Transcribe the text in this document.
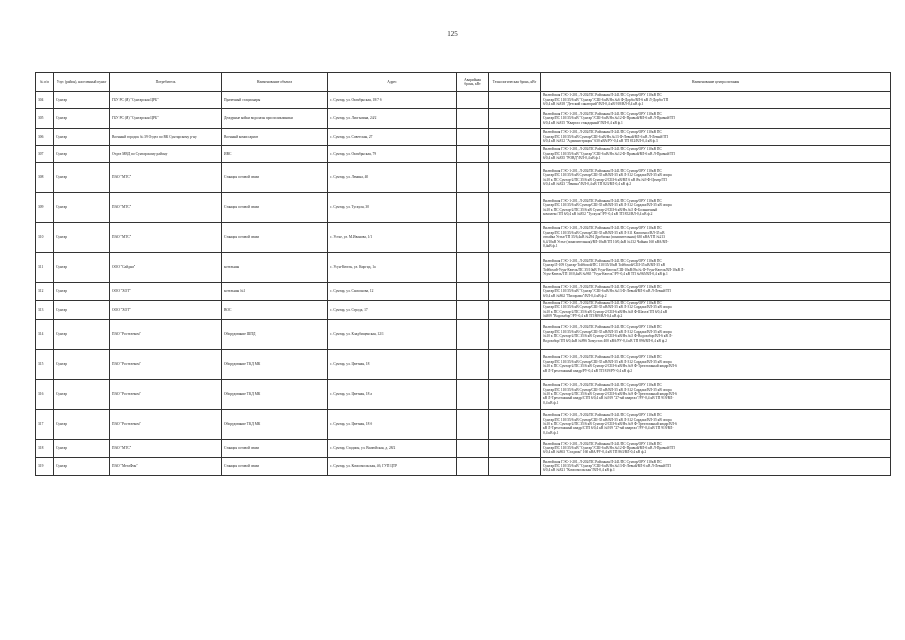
125
№ п/п	Улус (район), населенный пункт	Потребитель	Наименование объекта	Адрес	Аварийная бронь, кВт	Технологическая бронь, кВт	Наименование центра питания
304	Сунтар	ГБУ РС (Я) "Сунтарская ЦРБ"	Прачечный стационары	с. Сунтар, ул. Октябрьская, 18/7 б			Вилюйская ГЭС-1-201, Л-202/ПС Районная/Л-241/ПС Сунтар/ОРУ 110кВ ПС
Сунтар/ПС 110/35/6 кВ "Сунтар"/СШ-6 кВ/Яч.№6 Ф-Дорбо/ВЛ-6 кВ Л-Дорбо/ТП
6/0,4 кВ №818 "Детский санаторий"/ВЛ-0,4 кВ 918/ВЛ-0,4 кВ ф.1

305	Сунтар	ГБУ РС (Я) "Сунтарская ЦРБ"	Дежурные койки водолазы при поликлиники	с. Сунтар, ул. Лисгьмина, 24/2			Вилюйская ГЭС-1-201, Л-202/ПС Районная/Л-241/ПС Сунтар/ОРУ 110кВ ПС
Сунтар/ПС 110/35/6 кВ "Сунтар"/СШ-6 кВ/Яч.№12 Ф-Правый/ВЛ-6 кВ Л-Правый/ТП
6/0,4 кВ №815 "Квартал стандарный"/ВЛ-0,4 кВ ф.1

306	Сунтар	Военный городок № 39 Отдел по ВК Сунтарскому р-ну	Военный комиссариат	с. Сунтар, ул. Советская, 27			Вилюйская ГЭС-1-201, Л-202/ПС Районная/Л-241/ПС Сунтар/ОРУ 110кВ ПС
Сунтар/ПС 110/35/6 кВ Сунтар/СШ-6 кВ/Яч.№13 Ф-Левый/ВЛ-6 кВ Л-Левый/ТП
6/0,4 кВ №812 "Администрация" 630 кВА/РУ-0,4 кВ ТП 812/ВЛ-0,4 кВ ф.3

307	Сунтар	Отдел МВД по Сунтарскому району	ИВС	с. Сунтар, ул. Октябрьская, 79			Вилюйская ГЭС-1-201, Л-202/ПС Районная/Л-241/ПС Сунтар/ОРУ 110кВ ПС
Сунтар/ПС 110/35/6 кВ "Сунтар"/СШ-6 кВ/Яч.№12 Ф-Правый/ВЛ-6 кВ Л-Правый/ТП
6/0,4 кВ №835 "РОВД"/ВЛ-0,4 кВ ф.1

308	Сунтар	ПАО "МТС"	Станция сотовой связи	с. Сунтар, ул. Ленина, 40			Вилюйская ГЭС-1-201, Л-202/ПС Районная/Л-241/ПС Сунтар/ОРУ 110кВ ПС
Сунтар/ПС 110/35/6 кВ Сунтар/СШ-35 кВ/ВЛ-35 кВ Л-312 Сардаах/ВЛ-35 кВ опора
№10 к ПС Сунтар-2/ПС 35/6 кВ Сунтар-2/СШ-6 кВ/ВЛ 6 кВ Яч.№9 Ф-Центр/ТП
6/0,4 кВ №823 "Ленина"/ВЛ-0,4 кВ ТП 823/ВЛ-0,4 кВ ф.2

309	Сунтар	ПАО "МТС"	Станция сотовой связи	с. Сунтар, ул. Тускуля, 30			Вилюйская ГЭС-1-201, Л-202/ПС Районная/Л-241/ПС Сунтар/ОРУ 110кВ ПС
Сунтар/ПС 110/35/6 кВ Сунтар/СШ-35 кВ/ВЛ-35 кВ Л-312 Сардаах/ВЛ-35 кВ опора
№10 к ПС Сунтар-2/ПС 35/6 кВ Сунтар-2/СШ-6 кВ/Яч.№5 Ф-Больничный
комплекс/ТП 6/0,4 кВ №852 "Тускуля"/РУ-0,4 кВ ТП 852/ВЛ-0,4 кВ ф.2

310	Сунтар	ПАО "МТС"	Станция сотовой связи	с. Устье, ул. М.Иванова, 1/1			Вилюйская ГЭС-1-201, Л-202/ПС Районная/Л-241/ПС Сунтар/ОРУ 110кВ ПС
Сунтар/ПС 110/35/6 кВ Сунтар/СШ-35 кВ/ВЛ-35 кВ Л-311 Комсомол/ВЛ-35 кВ
отпайка Устье/ТП 35/6,4кВ №294 Дробилка (понизительная) 630 кВА/ТП №213
6,4/10кВ Устье (понизительная)/ВЛ-10кВ/ТП 10/0,4кВ №132 Чайная 160 кВА/ВЛ-
0,4кВ ф.1

311	Сунтар	ООО "Сайдам"	котельная	с. Усун-Кюель, ул. Киргид, 1а			Вилюйская ГЭС-1-201, Л-202/ПС Районная/Л-241/ПС Сунтар/ОРУ 110кВ ПС
Сунтар/Л-109 Сунтар-Тойбохой/ПС 110/35/10кВ Тойбохой/СШ-35 кВ/ВЛ-35 кВ
Тойбохой-Усун-Кюель/ПС 35/10кВ Усун-Кюель/СШ-10кВ/Яч.№ Ф-Усун-Кюель/ВЛ-10кВ Л-
Усун-Кюель/ТП 10/0,4кВ №965 "Усун-Кюель"/РУ-0,4 кВ ТП №965/ВЛ-0,4 кВ ф.1

312	Сунтар	ООО "ХОТ"	котельная №1	с. Сунтар, ул. Самсонова, 12			Вилюйская ГЭС-1-201, Л-202/ПС Районная/Л-241/ПС Сунтар/ОРУ 110кВ ПС
Сунтар/ПС 110/35/6 кВ "Сунтар"/СШ-6 кВ/Яч.№13 Ф-Левый/ВЛ-6 кВ Л-Левый/ТП
6/0,4 кВ №862 "Пилорама"/ВЛ-0,4 кВ ф.2

313	Сунтар	ООО "ХОТ"	ВОС	с. Сунтар, ул. Строда, 17			Вилюйская ГЭС-1-201, Л-202/ПС Районная/Л-241/ПС Сунтар/ОРУ 110кВ ПС
Сунтар/ПС 110/35/6 кВ Сунтар/СШ-35 кВ/ВЛ-35 кВ Л-312 Сардаах/ВЛ-35 кВ опора
№10 к ПС Сунтар-2/ПС 35/6 кВ Сунтар-2/СШ-6 кВ/Яч.№8 Ф-Шахта/ТП 6/0,4 кВ
№809 "Водозабор"/РУ-0,4 кВ ТП 809/ВЛ-0,4 кВ ф.2

314	Сунтар	ПАО "Ростелеком"	Оборудование ШПД	с. Сунтар, ул. Кладбищенская, 12/1			Вилюйская ГЭС-1-201, Л-202/ПС Районная/Л-241/ПС Сунтар/ОРУ 110кВ ПС
Сунтар/ПС 110/35/6 кВ Сунтар/СШ-35 кВ/ВЛ-35 кВ Л-312 Сардаах/ВЛ-35 кВ опора
№10 к ПС Сунтар-2/ПС 35/6 кВ Сунтар-2/СШ-6 кВ/Яч.№5 Ф-Водозабор/ВЛ-6 кВ Л-
Водозабор/ТП 6/0,4кВ №896 Хомустах 400 кВА/РУ-0,4 кВ ТП 896/ВЛ-0,4 кВ ф.2

315	Сунтар	ПАО "Ростелеком"	Оборудование ТКД МК	с. Сунтар, ул. Цветная, 18			Вилюйская ГЭС-1-201, Л-202/ПС Районная/Л-241/ПС Сунтар/ОРУ 110кВ ПС
Сунтар/ПС 110/35/6 кВ Сунтар/СШ-35 кВ/ВЛ-35 кВ Л-312 Сардаах/ВЛ-35 кВ опора
№10 к ПС Сунтар-2/ПС 35/6 кВ Сунтар-2/СШ-6 кВ/Яч.№9 Ф-Трехэтажный квадр/ВЛ-6
кВ Л-Трехэтажный квадр/РУ-0,4 кВ ТП 819/РУ-0,4 кВ ф.2

316	Сунтар	ПАО "Ростелеком"	Оборудование ТКД МК	с. Сунтар, ул. Цветная, 18 а			Вилюйская ГЭС-1-201, Л-202/ПС Районная/Л-241/ПС Сунтар/ОРУ 110кВ ПС
Сунтар/ПС 110/35/6 кВ Сунтар/СШ-35 кВ/ВЛ-35 кВ Л-312 Сардаах/ВЛ-35 кВ опора
№10 к ПС Сунтар-2/ПС 35/6 кВ Сунтар-2/СШ-6 кВ/Яч.№9 Ф-Трехэтажный квадр/ВЛ-6
кВ Л-Трехэтажный квадр/СТП 6/0,4 кВ №919 "27-мй квартал"/РУ-0,4 кВ ТП 919/ВЛ-
0,4 кВ ф.1

317	Сунтар	ПАО "Ростелеком"	Оборудование ТКД МК	с. Сунтар, ул. Цветная, 18 б			Вилюйская ГЭС-1-201, Л-202/ПС Районная/Л-241/ПС Сунтар/ОРУ 110кВ ПС
Сунтар/ПС 110/35/6 кВ Сунтар/СШ-35 кВ/ВЛ-35 кВ Л-312 Сардаах/ВЛ-35 кВ опора
№10 к ПС Сунтар-2/ПС 35/6 кВ Сунтар-2/СШ-6 кВ/Яч.№9 Ф-Трехэтажный квадр/ВЛ-6
кВ Л-Трехэтажный квадр/СТП 6/0,4 кВ №919 "27-мй квартал"/РУ-0,4 кВ ТП 919/ВЛ-
0,4 кВ ф.1

318	Сунтар	ПАО "МТС"	Станция сотовой связи	с. Сунтар, Стадион, ул. Вилюйская, д. 28/2			Вилюйская ГЭС-1-201, Л-202/ПС Районная/Л-241/ПС Сунтар/ОРУ 110кВ ПС
Сунтар/ПС 110/35/6 кВ "Сунтар"/СШ-6 кВ/Яч.№12 Ф-Правый/ВЛ-6 кВ Л-Правый/ТП
6/0,4 кВ №863 "Стадион" 160 кВА/РУ-0,4 кВ ТП 863/ВЛ-0,4 кВ ф.2

319	Сунтар	ПАО "МегаФон"	Станция сотовой связи	с. Сунтар, ул. Комсомольская, 4б, ГУП ЦТР			Вилюйская ГЭС-1-201, Л-202/ПС Районная/Л-241/ПС Сунтар/ОРУ 110кВ ПС
Сунтар/ПС 110/35/6 кВ "Сунтар"/СШ-6 кВ/Яч.№13 Ф-Левый/ВЛ-6 кВ Л-Левый/ТП
6/0,4 кВ №821 "Комсомольская"/ВЛ-0,4 кВ ф.1
